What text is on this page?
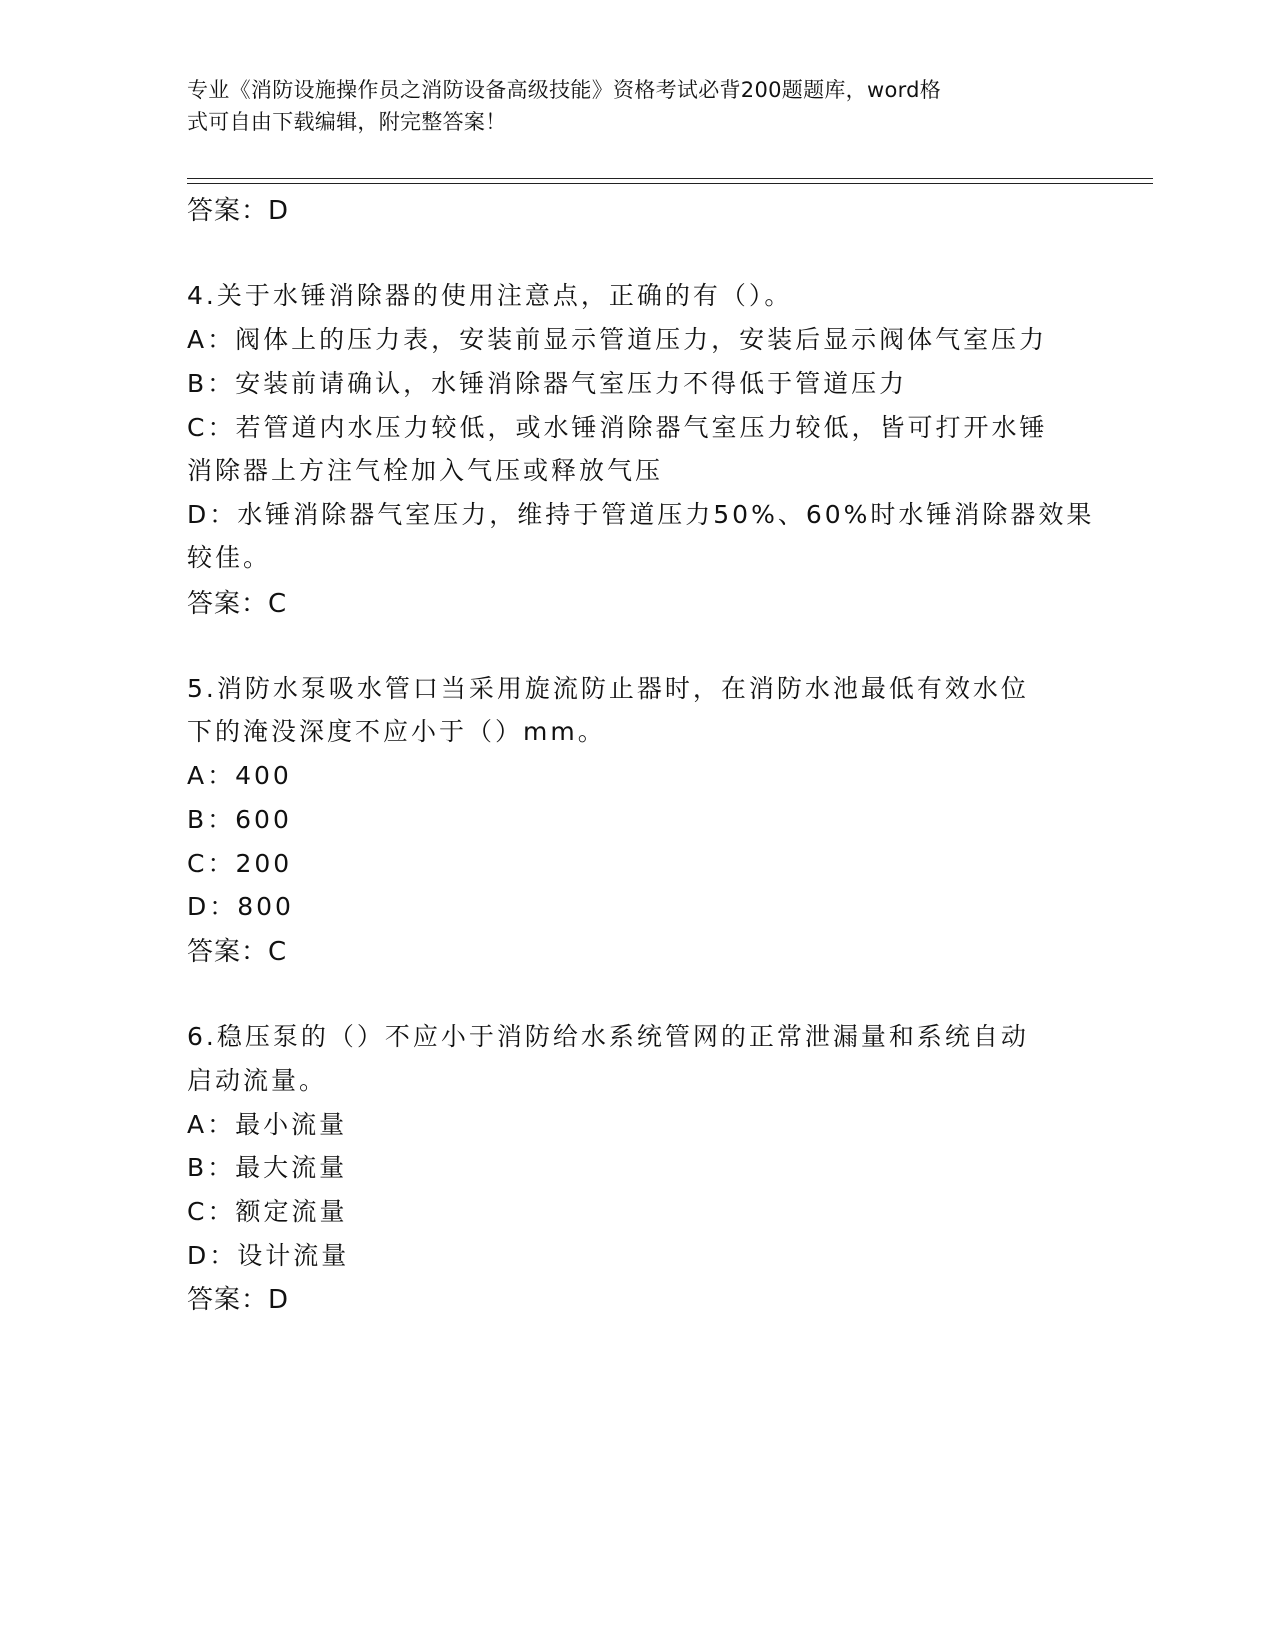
专业《消防设施操作员之消防设备高级技能》资格考试必背200题题库，word格
式可自由下载编辑，附完整答案！
答案：D
4.关于水锤消除器的使用注意点，正确的有（）。
A：阀体上的压力表，安装前显示管道压力，安装后显示阀体气室压力
B：安装前请确认，水锤消除器气室压力不得低于管道压力
C：若管道内水压力较低，或水锤消除器气室压力较低，皆可打开水锤
消除器上方注气栓加入气压或释放气压
D：水锤消除器气室压力，维持于管道压力50%、60%时水锤消除器效果
较佳。
答案：C
5.消防水泵吸水管口当采用旋流防止器时，在消防水池最低有效水位
下的淹没深度不应小于（）mm。
A：400
B：600
C：200
D：800
答案：C
6.稳压泵的（）不应小于消防给水系统管网的正常泄漏量和系统自动
启动流量。
A：最小流量
B：最大流量
C：额定流量
D：设计流量
答案：D
